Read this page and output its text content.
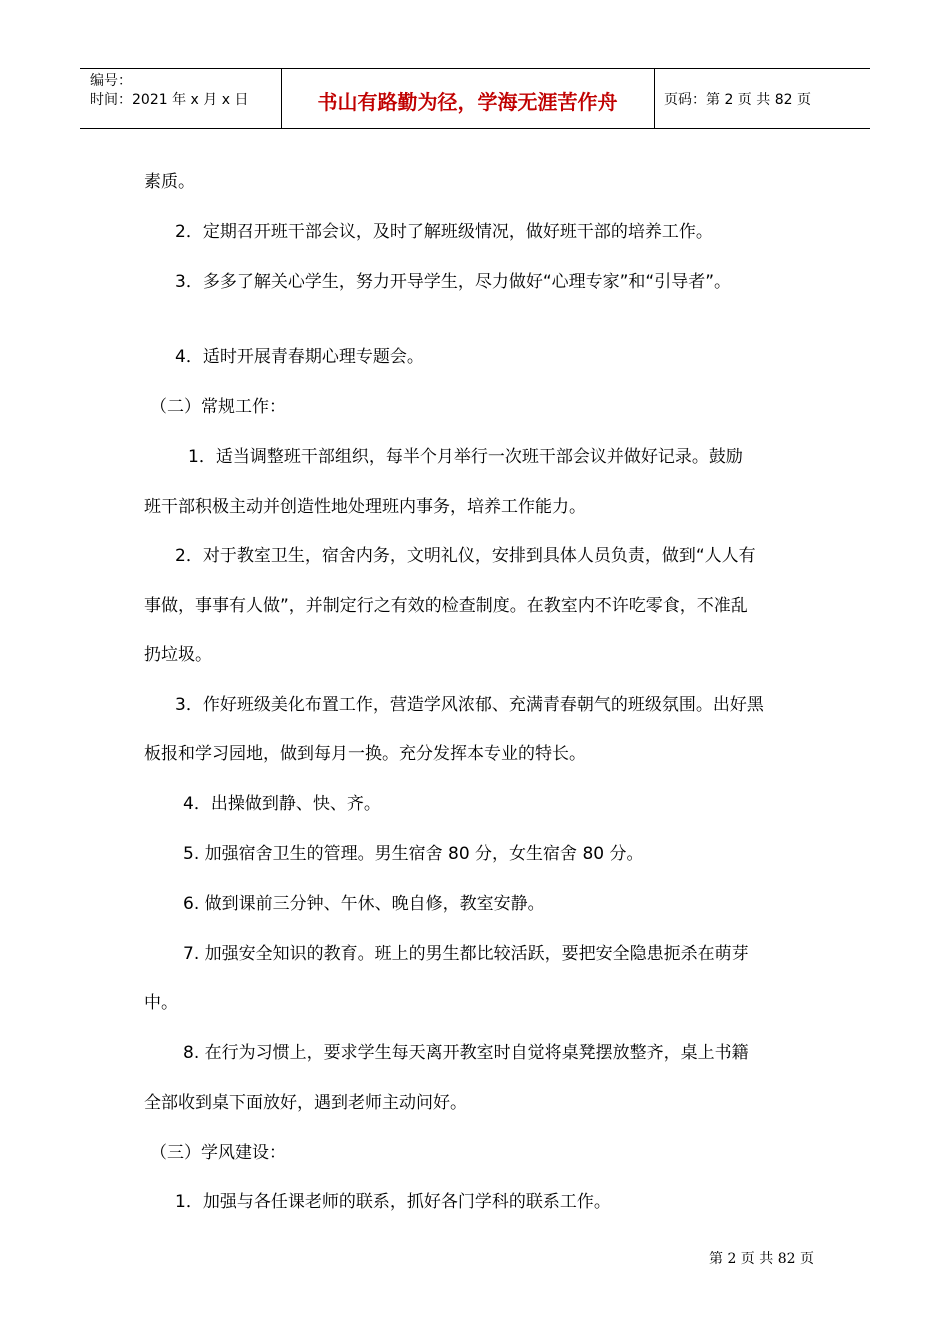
编号：
时间：2021 年 x 月 x 日	书山有路勤为径，学海无涯苦作舟	页码：第 2 页 共 82 页
素质。
2．定期召开班干部会议，及时了解班级情况，做好班干部的培养工作。
3．多多了解关心学生，努力开导学生，尽力做好“心理专家”和“引导者”。
4．适时开展青春期心理专题会。
（二）常规工作：
1．适当调整班干部组织，每半个月举行一次班干部会议并做好记录。鼓励
班干部积极主动并创造性地处理班内事务，培养工作能力。
2．对于教室卫生，宿舍内务，文明礼仪，安排到具体人员负责，做到“人人有
事做，事事有人做”，并制定行之有效的检查制度。在教室内不许吃零食，不准乱
扔垃圾。
3．作好班级美化布置工作，营造学风浓郁、充满青春朝气的班级氛围。出好黑
板报和学习园地，做到每月一换。充分发挥本专业的特长。
4．出操做到静、快、齐。
5. 加强宿舍卫生的管理。男生宿舍 80 分，女生宿舍 80 分。
6. 做到课前三分钟、午休、晚自修，教室安静。
7. 加强安全知识的教育。班上的男生都比较活跃，要把安全隐患扼杀在萌芽
中。
8. 在行为习惯上，要求学生每天离开教室时自觉将桌凳摆放整齐，桌上书籍
全部收到桌下面放好，遇到老师主动问好。
（三）学风建设：
1．加强与各任课老师的联系，抓好各门学科的联系工作。
第 2 页 共 82 页
